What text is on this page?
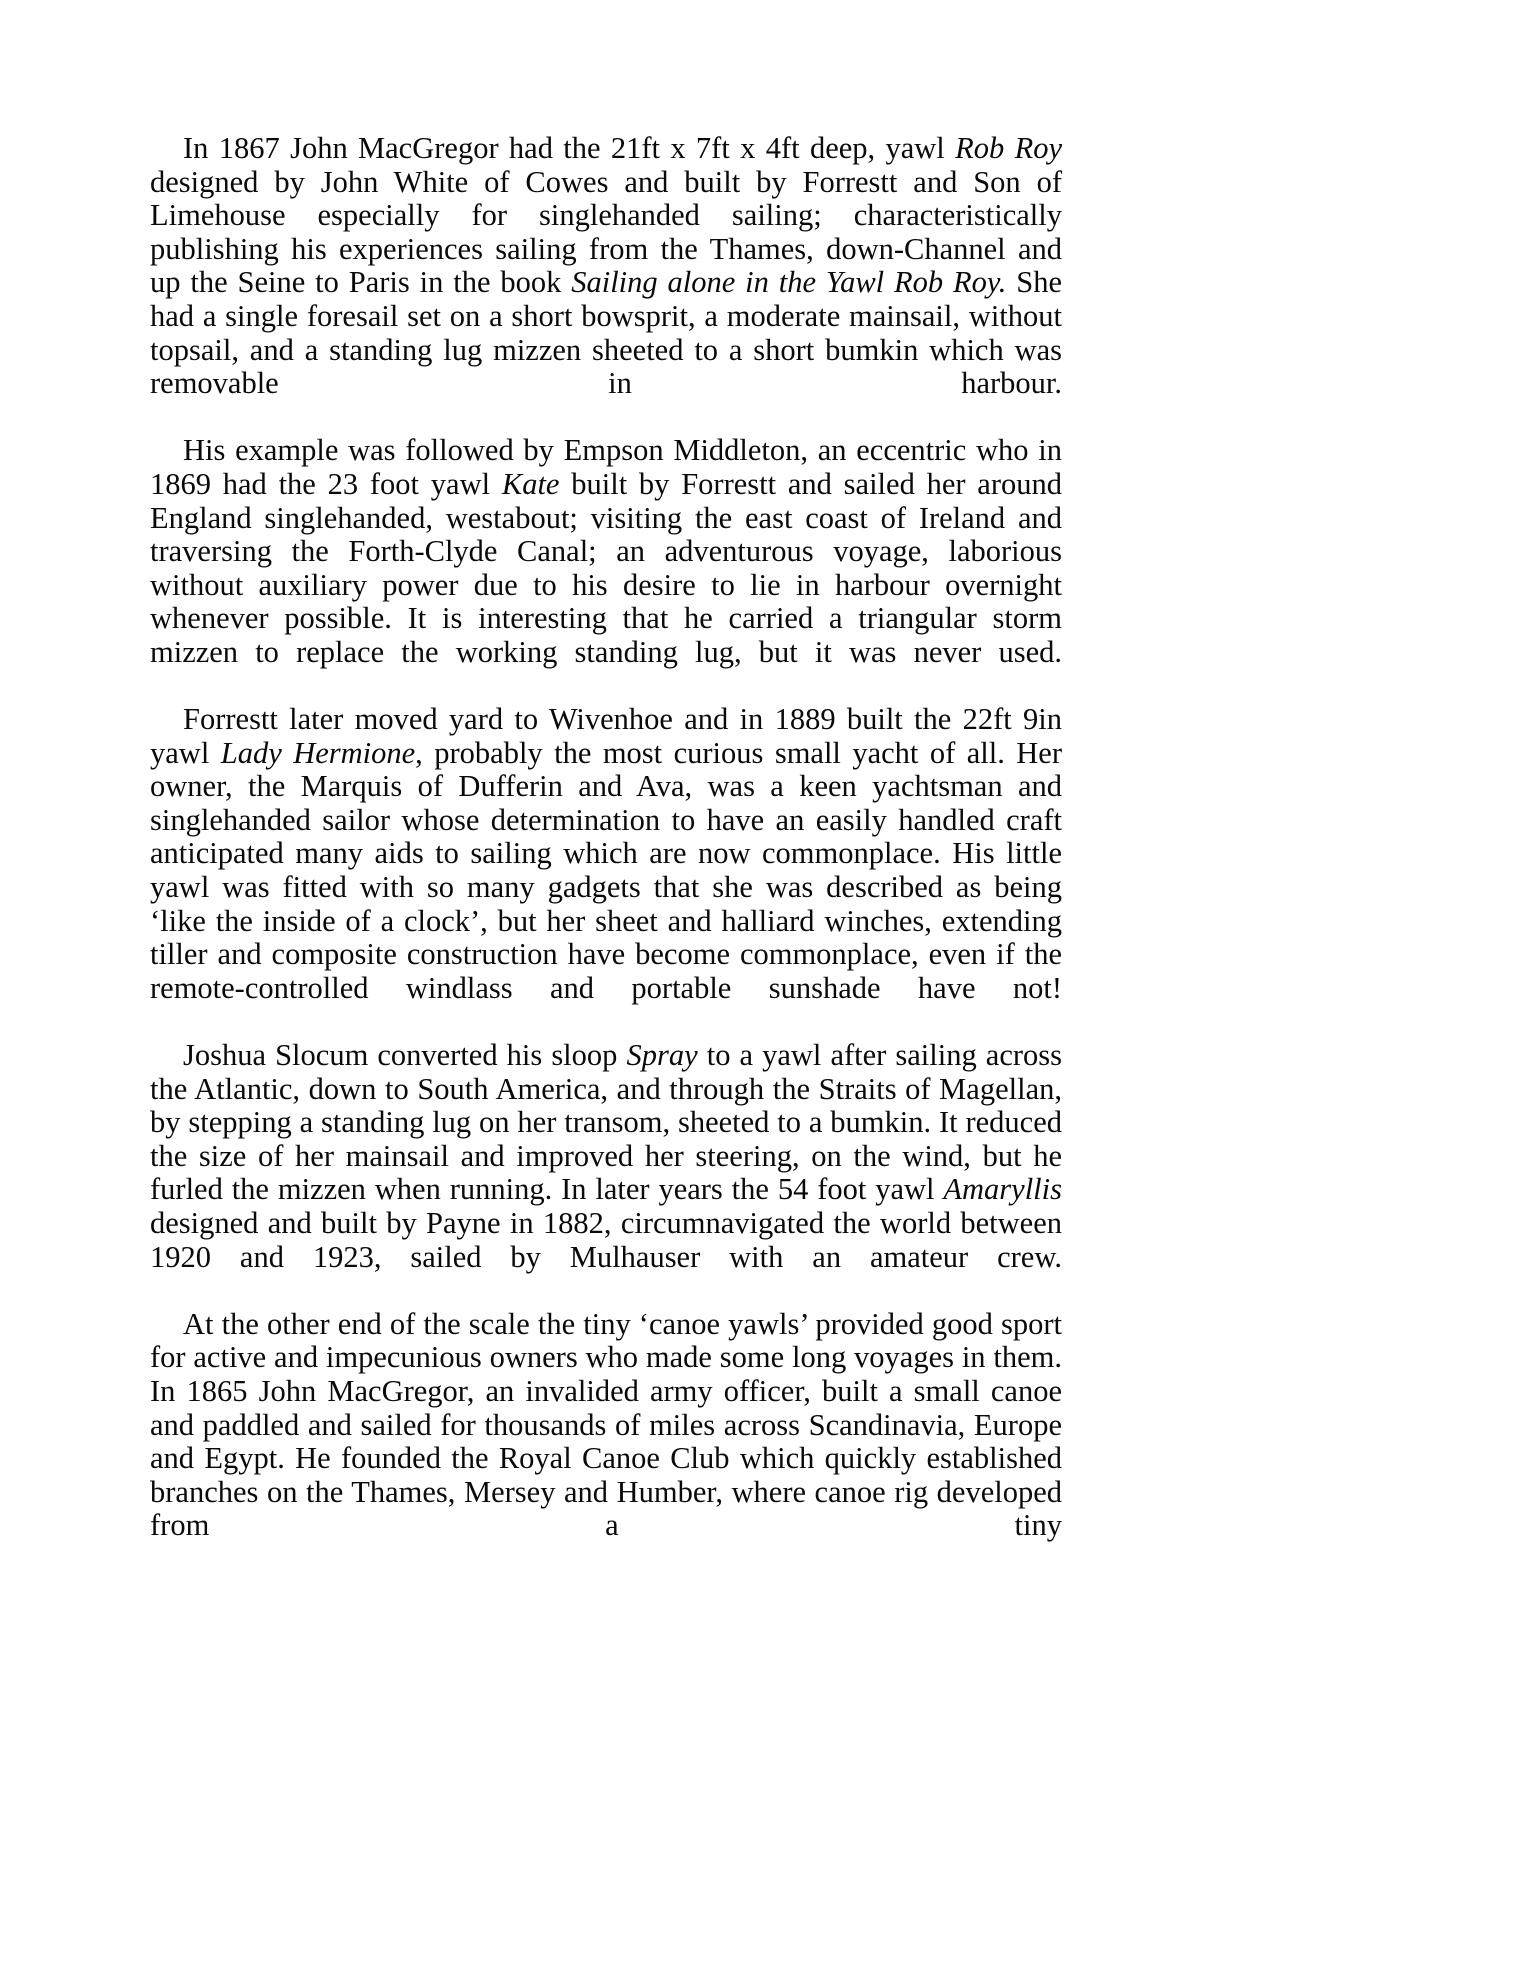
In 1867 John MacGregor had the 21ft x 7ft x 4ft deep, yawl Rob Roy designed by John White of Cowes and built by Forrestt and Son of Limehouse especially for singlehanded sailing; characteristically publishing his experiences sailing from the Thames, down-Channel and up the Seine to Paris in the book Sailing alone in the Yawl Rob Roy. She had a single foresail set on a short bowsprit, a moderate mainsail, without topsail, and a standing lug mizzen sheeted to a short bumkin which was removable in harbour.

His example was followed by Empson Middleton, an eccentric who in 1869 had the 23 foot yawl Kate built by Forrestt and sailed her around England singlehanded, westabout; visiting the east coast of Ireland and traversing the Forth-Clyde Canal; an adventurous voyage, laborious without auxiliary power due to his desire to lie in harbour overnight whenever possible. It is interesting that he carried a triangular storm mizzen to replace the working standing lug, but it was never used.

Forrestt later moved yard to Wivenhoe and in 1889 built the 22ft 9in yawl Lady Hermione, probably the most curious small yacht of all. Her owner, the Marquis of Dufferin and Ava, was a keen yachtsman and singlehanded sailor whose determination to have an easily handled craft anticipated many aids to sailing which are now commonplace. His little yawl was fitted with so many gadgets that she was described as being ‘like the inside of a clock’, but her sheet and halliard winches, extending tiller and composite construction have become commonplace, even if the remote-controlled windlass and portable sunshade have not!

Joshua Slocum converted his sloop Spray to a yawl after sailing across the Atlantic, down to South America, and through the Straits of Magellan, by stepping a standing lug on her transom, sheeted to a bumkin. It reduced the size of her mainsail and improved her steering, on the wind, but he furled the mizzen when running. In later years the 54 foot yawl Amaryllis designed and built by Payne in 1882, circumnavigated the world between 1920 and 1923, sailed by Mulhauser with an amateur crew.

At the other end of the scale the tiny ‘canoe yawls’ provided good sport for active and impecunious owners who made some long voyages in them. In 1865 John MacGregor, an invalided army officer, built a small canoe and paddled and sailed for thousands of miles across Scandinavia, Europe and Egypt. He founded the Royal Canoe Club which quickly established branches on the Thames, Mersey and Humber, where canoe rig developed from a tiny
